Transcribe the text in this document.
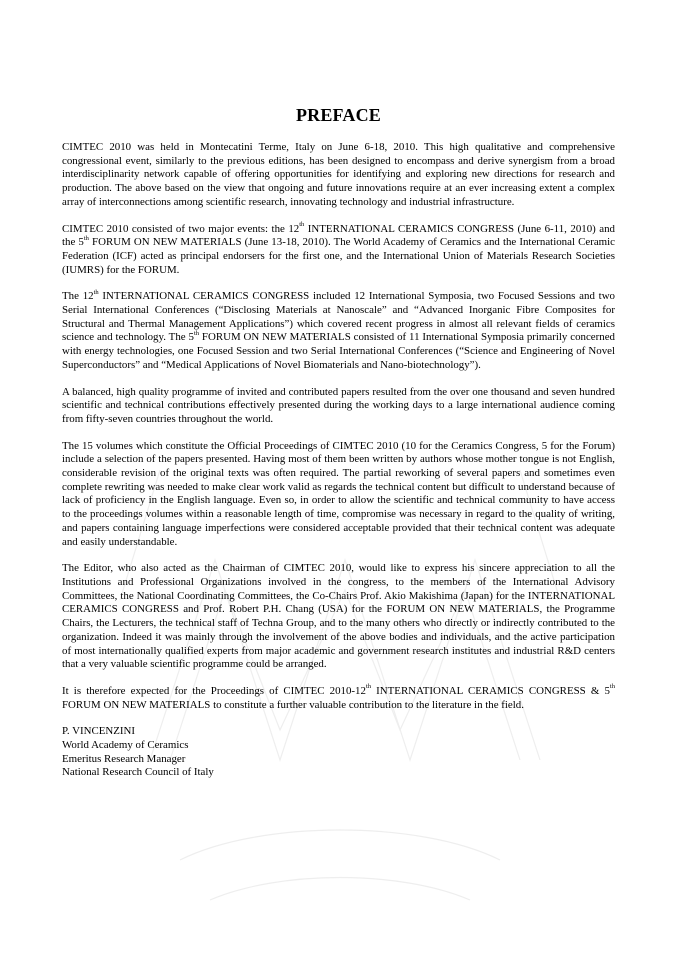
PREFACE

CIMTEC 2010 was held in Montecatini Terme, Italy on June 6-18, 2010. This high qualitative and comprehensive congressional event, similarly to the previous editions, has been designed to encompass and derive synergism from a broad interdisciplinarity network capable of offering opportunities for identifying and exploring new directions for research and production. The above based on the view that ongoing and future innovations require at an ever increasing extent a complex array of interconnections among scientific research, innovating technology and industrial infrastructure.

CIMTEC 2010 consisted of two major events: the 12th INTERNATIONAL CERAMICS CONGRESS (June 6-11, 2010) and the 5th FORUM ON NEW MATERIALS (June 13-18, 2010). The World Academy of Ceramics and the International Ceramic Federation (ICF) acted as principal endorsers for the first one, and the International Union of Materials Research Societies (IUMRS) for the FORUM.

The 12th INTERNATIONAL CERAMICS CONGRESS included 12 International Symposia, two Focused Sessions and two Serial International Conferences (“Disclosing Materials at Nanoscale” and “Advanced Inorganic Fibre Composites for Structural and Thermal Management Applications”) which covered recent progress in almost all relevant fields of ceramics science and technology. The 5th FORUM ON NEW MATERIALS consisted of 11 International Symposia primarily concerned with energy technologies, one Focused Session and two Serial International Conferences (“Science and Engineering of Novel Superconductors” and “Medical Applications of Novel Biomaterials and Nano-biotechnology”).

A balanced, high quality programme of invited and contributed papers resulted from the over one thousand and seven hundred scientific and technical contributions effectively presented during the working days to a large international audience coming from fifty-seven countries throughout the world.

The 15 volumes which constitute the Official Proceedings of CIMTEC 2010 (10 for the Ceramics Congress, 5 for the Forum) include a selection of the papers presented. Having most of them been written by authors whose mother tongue is not English, considerable revision of the original texts was often required. The partial reworking of several papers and sometimes even complete rewriting was needed to make clear work valid as regards the technical content but difficult to understand because of lack of proficiency in the English language. Even so, in order to allow the scientific and technical community to have access to the proceedings volumes within a reasonable length of time, compromise was necessary in regard to the quality of writing, and papers containing language imperfections were considered acceptable provided that their technical content was adequate and easily understandable.

The Editor, who also acted as the Chairman of CIMTEC 2010, would like to express his sincere appreciation to all the Institutions and Professional Organizations involved in the congress, to the members of the International Advisory Committees, the National Coordinating Committees, the Co-Chairs Prof. Akio Makishima (Japan) for the INTERNATIONAL CERAMICS CONGRESS and Prof. Robert P.H. Chang (USA) for the FORUM ON NEW MATERIALS, the Programme Chairs, the Lecturers, the technical staff of Techna Group, and to the many others who directly or indirectly contributed to the organization. Indeed it was mainly through the involvement of the above bodies and individuals, and the active participation of most internationally qualified experts from major academic and government research institutes and industrial R&D centers that a very valuable scientific programme could be arranged.

It is therefore expected for the Proceedings of CIMTEC 2010-12th INTERNATIONAL CERAMICS CONGRESS & 5th FORUM ON NEW MATERIALS to constitute a further valuable contribution to the literature in the field.

P. VINCENZINI
World Academy of Ceramics
Emeritus Research Manager
National Research Council of Italy
